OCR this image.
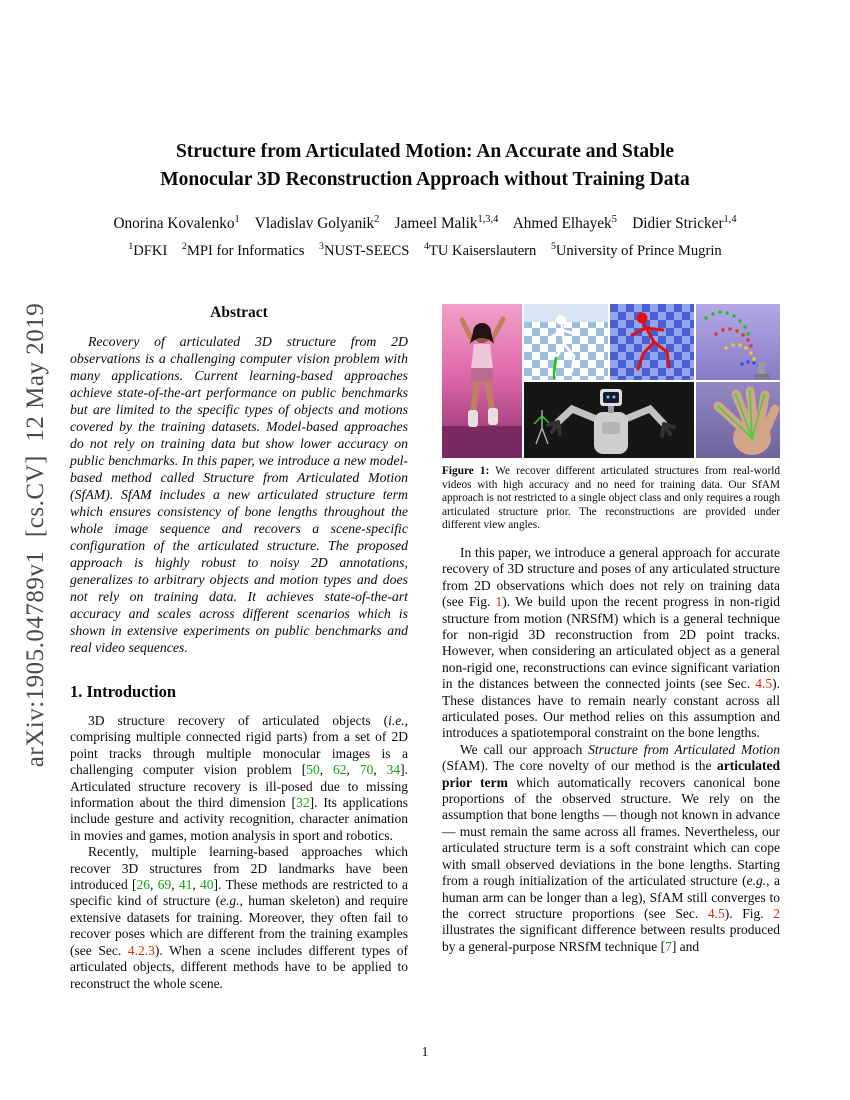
arXiv:1905.04789v1  [cs.CV]  12 May 2019
Structure from Articulated Motion: An Accurate and Stable
Monocular 3D Reconstruction Approach without Training Data
Onorina Kovalenko$^1$ Vladislav Golyanik$^2$ Jameel Malik$^{1,3,4}$ Ahmed Elhayek$^5$ Didier Stricker$^{1,4}$
$^1$DFKI    $^2$MPI for Informatics    $^3$NUST-SEECS    $^4$TU Kaiserslautern    $^5$University of Prince Mugrin
Abstract

Recovery of articulated 3D structure from 2D observations is a challenging computer vision problem with many applications. Current learning-based approaches achieve state-of-the-art performance on public benchmarks but are limited to the specific types of objects and motions covered by the training datasets. Model-based approaches do not rely on training data but show lower accuracy on public benchmarks. In this paper, we introduce a new model-based method called Structure from Articulated Motion (SfAM). SfAM includes a new articulated structure term which ensures consistency of bone lengths throughout the whole image sequence and recovers a scene-specific configuration of the articulated structure. The proposed approach is highly robust to noisy 2D annotations, generalizes to arbitrary objects and motion types and does not rely on training data. It achieves state-of-the-art accuracy and scales across different scenarios which is shown in extensive experiments on public benchmarks and real video sequences.

1. Introduction

3D structure recovery of articulated objects (i.e., comprising multiple connected rigid parts) from a set of 2D point tracks through multiple monocular images is a challenging computer vision problem [50, 62, 70, 34]. Articulated structure recovery is ill-posed due to missing information about the third dimension [32]. Its applications include gesture and activity recognition, character animation in movies and games, motion analysis in sport and robotics.

Recently, multiple learning-based approaches which recover 3D structures from 2D landmarks have been introduced [26, 69, 41, 40]. These methods are restricted to a specific kind of structure (e.g., human skeleton) and require extensive datasets for training. Moreover, they often fail to recover poses which are different from the training examples (see Sec. 4.2.3). When a scene includes different types of articulated objects, different methods have to be applied to reconstruct the whole scene.

Figure 1: We recover different articulated structures from real-world videos with high accuracy and no need for training data. Our SfAM approach is not restricted to a single object class and only requires a rough articulated structure prior. The reconstructions are provided under different view angles.

In this paper, we introduce a general approach for accurate recovery of 3D structure and poses of any articulated structure from 2D observations which does not rely on training data (see Fig. 1). We build upon the recent progress in non-rigid structure from motion (NRSfM) which is a general technique for non-rigid 3D reconstruction from 2D point tracks. However, when considering an articulated object as a general non-rigid one, reconstructions can evince significant variation in the distances between the connected joints (see Sec. 4.5). These distances have to remain nearly constant across all articulated poses. Our method relies on this assumption and introduces a spatiotemporal constraint on the bone lengths.

We call our approach Structure from Articulated Motion (SfAM). The core novelty of our method is the articulated prior term which automatically recovers canonical bone proportions of the observed structure. We rely on the assumption that bone lengths — though not known in advance — must remain the same across all frames. Nevertheless, our articulated structure term is a soft constraint which can cope with small observed deviations in the bone lengths. Starting from a rough initialization of the articulated structure (e.g., a human arm can be longer than a leg), SfAM still converges to the correct structure proportions (see Sec. 4.5). Fig. 2 illustrates the significant difference between results produced by a general-purpose NRSfM technique [7] and

1
